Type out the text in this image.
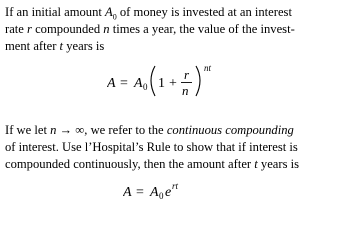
If an initial amount $A_0$ of money is invested at an interest
rate r compounded n times a year, the value of the invest-
ment after t years is
A = A 0 1 +
r
n
nt
If we let n → ∞, we refer to the continuous compounding
of interest. Use l’Hospital’s Rule to show that if interest is
compounded continuously, then the amount after t years is
A = A 0 e rt
